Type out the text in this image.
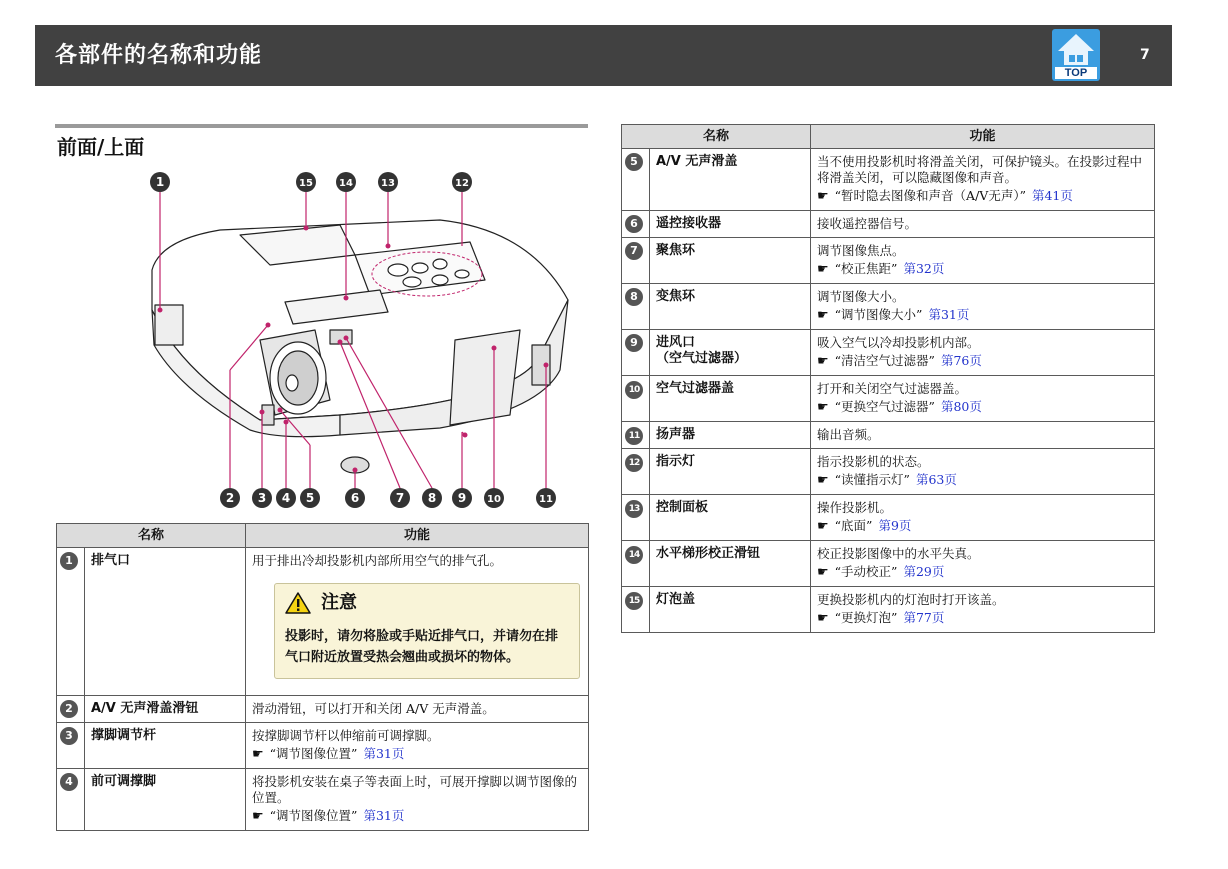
各部件的名称和功能
TOP
7
前面/上面
1	15	14	13	12
2 3 4 5	6	7 8 9 10	11
名称		功能
1	排气口	用于排出冷却投影机内部所用空气的排气孔。
注意
投影时，请勿将脸或手贴近排气口，并请勿在排气口附近放置受热会翘曲或损坏的物体。

2	A/V 无声滑盖滑钮	滑动滑钮，可以打开和关闭 A/V 无声滑盖。
3	撑脚调节杆	按撑脚调节杆以伸缩前可调撑脚。
☛ “调节图像位置” 第31页

4	前可调撑脚	将投影机安装在桌子等表面上时，可展开撑脚以调节图像的位置。
☛ “调节图像位置” 第31页
名称		功能
5	A/V 无声滑盖	当不使用投影机时将滑盖关闭，可保护镜头。在投影过程中将滑盖关闭，可以隐藏图像和声音。
☛ “暂时隐去图像和声音（A/V无声）” 第41页

6	遥控接收器	接收遥控器信号。
7	聚焦环	调节图像焦点。
☛ “校正焦距” 第32页

8	变焦环	调节图像大小。
☛ “调节图像大小” 第31页

9	进风口
（空气过滤器）	吸入空气以冷却投影机内部。
☛ “清洁空气过滤器” 第76页

10	空气过滤器盖	打开和关闭空气过滤器盖。
☛ “更换空气过滤器” 第80页

11	扬声器	输出音频。
12	指示灯	指示投影机的状态。
☛ “读懂指示灯” 第63页

13	控制面板	操作投影机。
☛ “底面” 第9页

14	水平梯形校正滑钮	校正投影图像中的水平失真。
☛ “手动校正” 第29页

15	灯泡盖	更换投影机内的灯泡时打开该盖。
☛ “更换灯泡” 第77页
